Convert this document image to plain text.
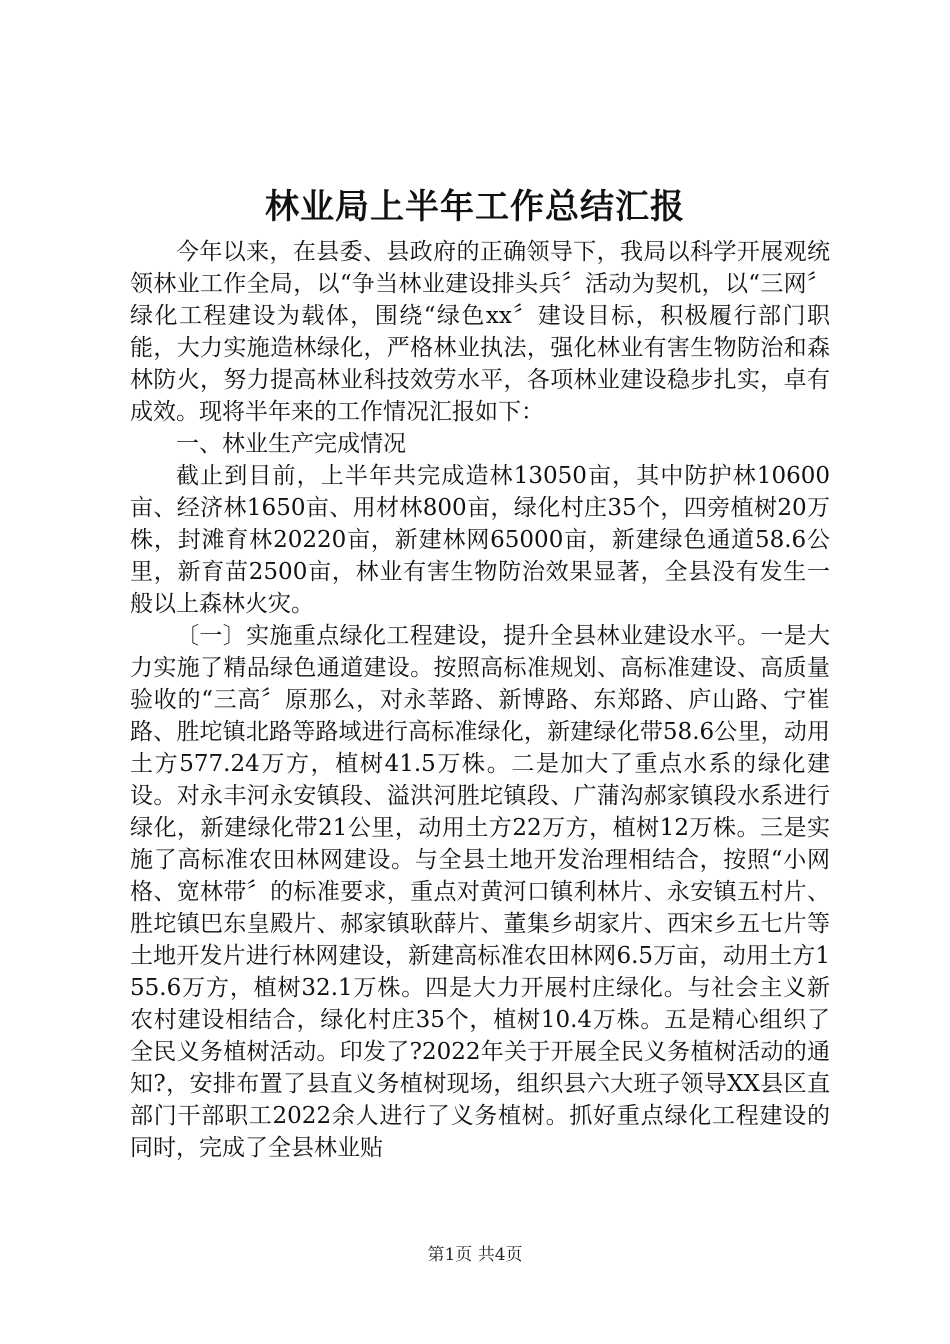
林业局上半年工作总结汇报

今年以来，在县委、县政府的正确领导下，我局以科学开展观统领林业工作全局，以“争当林业建设排头兵〞活动为契机，以“三网〞绿化工程建设为载体，围绕“绿色xx〞建设目标，积极履行部门职能，大力实施造林绿化，严格林业执法，强化林业有害生物防治和森林防火，努力提高林业科技效劳水平，各项林业建设稳步扎实，卓有成效。现将半年来的工作情况汇报如下：

一、林业生产完成情况

截止到目前，上半年共完成造林13050亩，其中防护林10600亩、经济林1650亩、用材林800亩，绿化村庄35个，四旁植树20万株，封滩育林20220亩，新建林网65000亩，新建绿色通道58.6公里，新育苗2500亩，林业有害生物防治效果显著，全县没有发生一般以上森林火灾。

〔一〕实施重点绿化工程建设，提升全县林业建设水平。一是大力实施了精品绿色通道建设。按照高标准规划、高标准建设、高质量验收的“三高〞原那么，对永莘路、新博路、东郑路、庐山路、宁崔路、胜坨镇北路等路域进行高标准绿化，新建绿化带58.6公里，动用土方577.24万方，植树41.5万株。二是加大了重点水系的绿化建设。对永丰河永安镇段、溢洪河胜坨镇段、广蒲沟郝家镇段水系进行绿化，新建绿化带21公里，动用土方22万方，植树12万株。三是实施了高标准农田林网建设。与全县土地开发治理相结合，按照“小网格、宽林带〞的标准要求，重点对黄河口镇利林片、永安镇五村片、胜坨镇巴东皇殿片、郝家镇耿薛片、董集乡胡家片、西宋乡五七片等土地开发片进行林网建设，新建高标准农田林网6.5万亩，动用土方155.6万方，植树32.1万株。四是大力开展村庄绿化。与社会主义新农村建设相结合，绿化村庄35个，植树10.4万株。五是精心组织了全民义务植树活动。印发了?2022年关于开展全民义务植树活动的通知?，安排布置了县直义务植树现场，组织县六大班子领导XX县区直部门干部职工2022余人进行了义务植树。抓好重点绿化工程建设的同时，完成了全县林业贴

第1页 共4页
